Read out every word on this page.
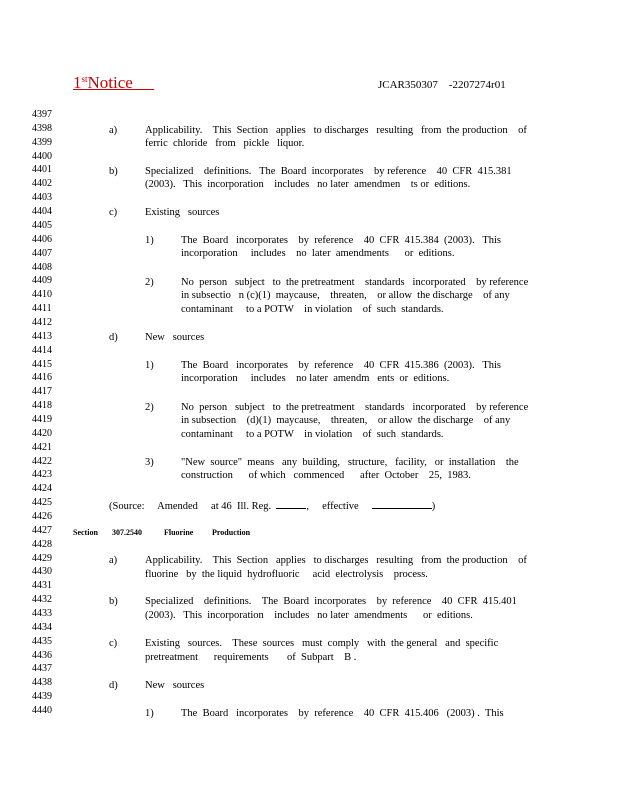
1stNotice	JCAR350307    -2207274r01
4397
4398
4399
4400
4401
4402
4403
4404
4405
4406
4407
4408
4409
4410
4411
4412
4413
4414
4415
4416
4417
4418
4419
4420
4421
4422
4423
4424
4425
4426
4427
4428
4429
4430
4431
4432
4433
4434
4435
4436
4437
4438
4439
4440
a)	Applicability.    This  Section   applies   to discharges   resulting   from  the production    of
ferric  chloride   from   pickle   liquor.
b)	Specialized    definitions.   The  Board  incorporates    by reference    40  CFR  415.381
(2003).   This  incorporation    includes   no later  amendmen    ts or  editions.
c)	Existing   sources
1)	The  Board   incorporates    by  reference    40  CFR  415.384  (2003).   This
incorporation     includes    no  later  amendments      or  editions.
2)	No  person   subject   to  the pretreatment    standards   incorporated    by reference
in subsectio   n (c)(1)  maycause,    threaten,    or allow  the discharge    of any
contaminant     to a POTW    in violation    of  such  standards.
d)	New   sources
1)	The  Board   incorporates    by  reference    40  CFR  415.386  (2003).   This
incorporation     includes    no later  amendm   ents  or  editions.
2)	No  person   subject   to  the pretreatment    standards   incorporated    by reference
in subsection    (d)(1)  maycause,    threaten,    or allow  the discharge    of any
contaminant     to a POTW    in violation    of  such  standards.
3)	"New  source"  means   any  building,   structure,   facility,   or  installation    the
construction      of which   commenced      after  October    25,  1983.
(Source:     Amended     at 46  Ill. Reg.	,     effective	)
Section 307.2540	Fluorine Production
a)	Applicability.    This  Section   applies   to discharges   resulting   from  the production    of
fluorine   by  the liquid  hydrofluoric     acid  electrolysis    process.
b)	Specialized    definitions.    The  Board  incorporates    by  reference    40  CFR  415.401
(2003).   This  incorporation    includes   no later  amendments      or  editions.
c)	Existing   sources.    These  sources   must  comply   with  the general   and  specific
pretreatment      requirements       of  Subpart    B .
d)	New   sources
1)	The  Board   incorporates    by  reference    40  CFR  415.406   (2003) .  This
